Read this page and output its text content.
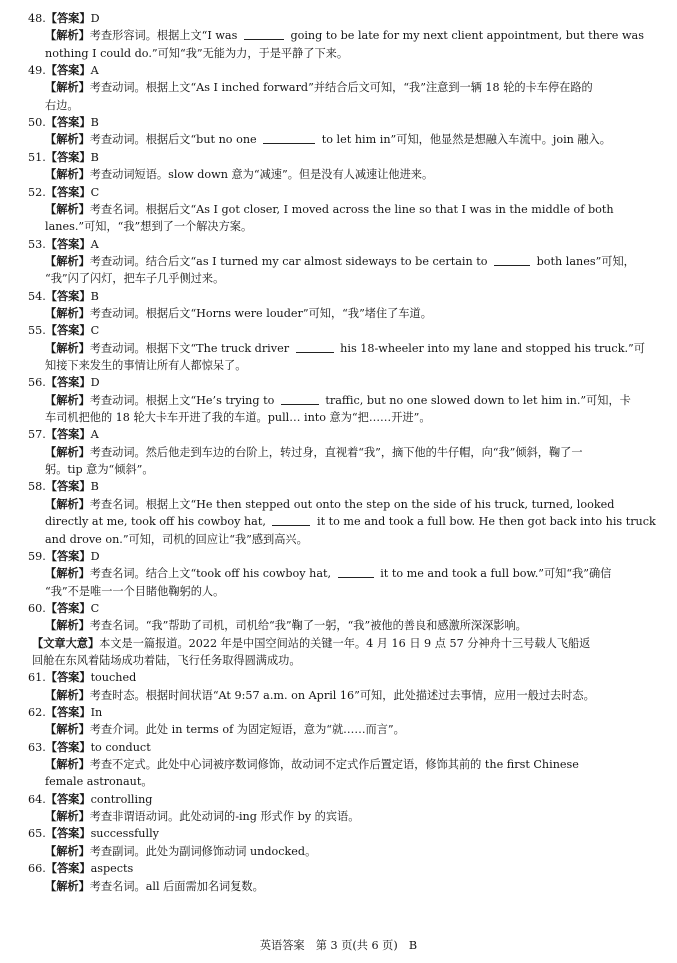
48.【答案】D
【解析】考查形容词。根据上文“I was	going to be late for my next client appointment, but there was
nothing I could do.”可知“我”无能为力，于是平静了下来。
49.【答案】A
【解析】考查动词。根据上文“As I inched forward”并结合后文可知，“我”注意到一辆 18 轮的卡车停在路的
右边。
50.【答案】B
【解析】考查动词。根据后文“but no one	to let him in”可知，他显然是想融入车流中。join 融入。
51.【答案】B
【解析】考查动词短语。slow down 意为“减速”。但是没有人减速让他进来。
52.【答案】C
【解析】考查名词。根据后文“As I got closer, I moved across the line so that I was in the middle of both
lanes.”可知，“我”想到了一个解决方案。
53.【答案】A
【解析】考查动词。结合后文“as I turned my car almost sideways to be certain to	both lanes”可知，
“我”闪了闪灯，把车子几乎侧过来。
54.【答案】B
【解析】考查动词。根据后文“Horns were louder”可知，“我”堵住了车道。
55.【答案】C
【解析】考查动词。根据下文“The truck driver	his 18-wheeler into my lane and stopped his truck.”可
知接下来发生的事情让所有人都惊呆了。
56.【答案】D
【解析】考查动词。根据上文“He’s trying to	traffic, but no one slowed down to let him in.”可知，卡
车司机把他的 18 轮大卡车开进了我的车道。pull… into 意为“把……开进”。
57.【答案】A
【解析】考查动词。然后他走到车边的台阶上，转过身，直视着“我”，摘下他的牛仔帽，向“我”倾斜，鞠了一
躬。tip 意为“倾斜”。
58.【答案】B
【解析】考查名词。根据上文“He then stepped out onto the step on the side of his truck, turned, looked
directly at me, took off his cowboy hat,	it to me and took a full bow. He then got back into his truck
and drove on.”可知，司机的回应让“我”感到高兴。
59.【答案】D
【解析】考查名词。结合上文“took off his cowboy hat,	it to me and took a full bow.”可知“我”确信
“我”不是唯一一个目睹他鞠躬的人。
60.【答案】C
【解析】考查名词。“我”帮助了司机，司机给“我”鞠了一躬，“我”被他的善良和感激所深深影响。
【文章大意】本文是一篇报道。2022 年是中国空间站的关键一年。4 月 16 日 9 点 57 分神舟十三号载人飞船返
回舱在东风着陆场成功着陆，飞行任务取得圆满成功。
61.【答案】touched
【解析】考查时态。根据时间状语“At 9:57 a.m. on April 16”可知，此处描述过去事情，应用一般过去时态。
62.【答案】In
【解析】考查介词。此处 in terms of 为固定短语，意为“就……而言”。
63.【答案】to conduct
【解析】考查不定式。此处中心词被序数词修饰，故动词不定式作后置定语，修饰其前的 the first Chinese
female astronaut。
64.【答案】controlling
【解析】考查非谓语动词。此处动词的-ing 形式作 by 的宾语。
65.【答案】successfully
【解析】考查副词。此处为副词修饰动词 undocked。
66.【答案】aspects
【解析】考查名词。all 后面需加名词复数。
英语答案　第 3 页(共 6 页)　B
